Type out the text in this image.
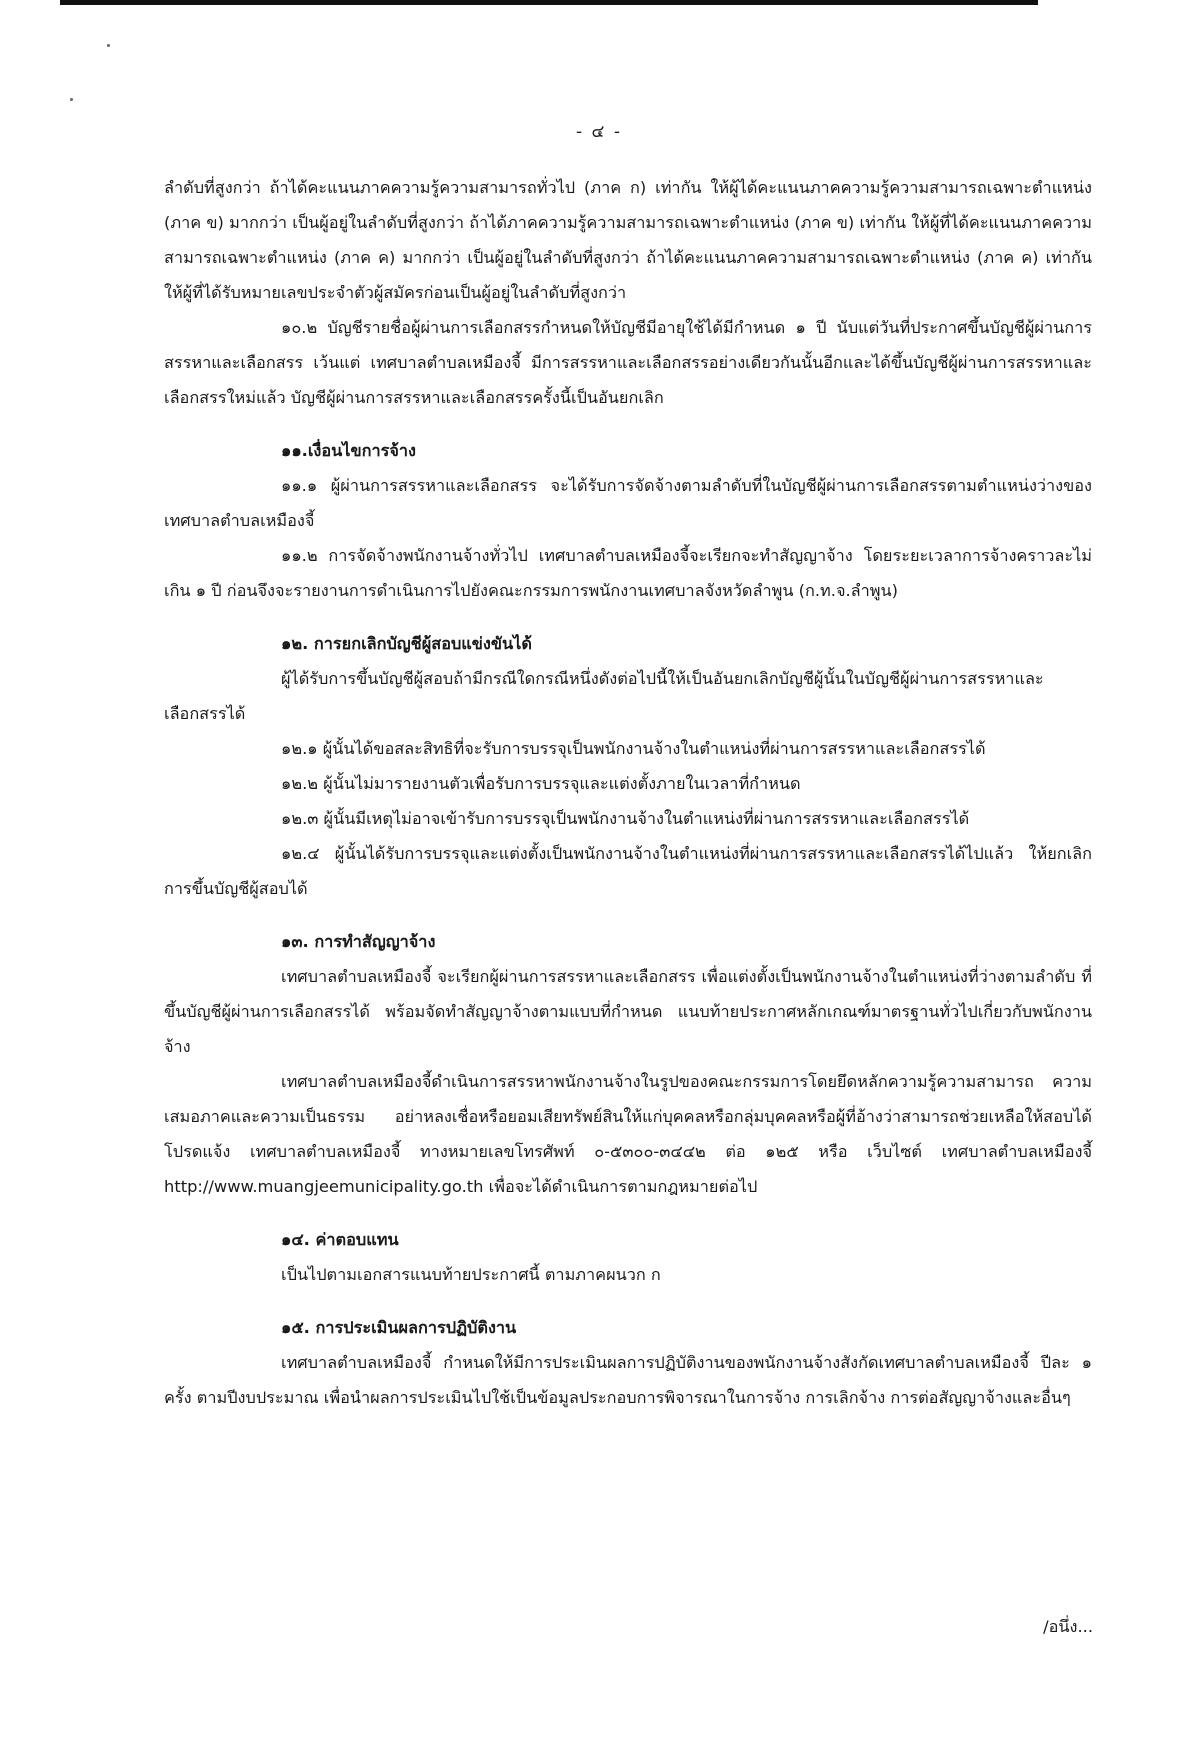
- ๔ -

ลำดับที่สูงกว่า ถ้าได้คะแนนภาคความรู้ความสามารถทั่วไป (ภาค ก) เท่ากัน ให้ผู้ได้คะแนนภาคความรู้ความสามารถเฉพาะตำแหน่ง (ภาค ข) มากกว่า เป็นผู้อยู่ในลำดับที่สูงกว่า ถ้าได้ภาคความรู้ความสามารถเฉพาะตำแหน่ง (ภาค ข) เท่ากัน ให้ผู้ที่ได้คะแนนภาคความสามารถเฉพาะตำแหน่ง (ภาค ค) มากกว่า เป็นผู้อยู่ในลำดับที่สูงกว่า ถ้าได้คะแนนภาคความสามารถเฉพาะตำแหน่ง (ภาค ค) เท่ากัน ให้ผู้ที่ได้รับหมายเลขประจำตัวผู้สมัครก่อนเป็นผู้อยู่ในลำดับที่สูงกว่า

๑๐.๒ บัญชีรายชื่อผู้ผ่านการเลือกสรรกำหนดให้บัญชีมีอายุใช้ได้มีกำหนด ๑ ปี นับแต่วันที่ประกาศขึ้นบัญชีผู้ผ่านการสรรหาและเลือกสรร เว้นแต่ เทศบาลตำบลเหมืองจี้ มีการสรรหาและเลือกสรรอย่างเดียวกันนั้นอีกและได้ขึ้นบัญชีผู้ผ่านการสรรหาและเลือกสรรใหม่แล้ว บัญชีผู้ผ่านการสรรหาและเลือกสรรครั้งนี้เป็นอันยกเลิก

๑๑.เงื่อนไขการจ้าง

๑๑.๑ ผู้ผ่านการสรรหาและเลือกสรร จะได้รับการจัดจ้างตามลำดับที่ในบัญชีผู้ผ่านการเลือกสรรตามตำแหน่งว่างของเทศบาลตำบลเหมืองจี้

๑๑.๒ การจัดจ้างพนักงานจ้างทั่วไป เทศบาลตำบลเหมืองจี้จะเรียกจะทำสัญญาจ้าง โดยระยะเวลาการจ้างคราวละไม่เกิน ๑ ปี ก่อนจึงจะรายงานการดำเนินการไปยังคณะกรรมการพนักงานเทศบาลจังหวัดลำพูน (ก.ท.จ.ลำพูน)

๑๒. การยกเลิกบัญชีผู้สอบแข่งขันได้

ผู้ได้รับการขึ้นบัญชีผู้สอบถ้ามีกรณีใดกรณีหนึ่งดังต่อไปนี้ให้เป็นอันยกเลิกบัญชีผู้นั้นในบัญชีผู้ผ่านการสรรหาและเลือกสรรได้

๑๒.๑ ผู้นั้นได้ขอสละสิทธิที่จะรับการบรรจุเป็นพนักงานจ้างในตำแหน่งที่ผ่านการสรรหาและเลือกสรรได้

๑๒.๒ ผู้นั้นไม่มารายงานตัวเพื่อรับการบรรจุและแต่งตั้งภายในเวลาที่กำหนด

๑๒.๓ ผู้นั้นมีเหตุไม่อาจเข้ารับการบรรจุเป็นพนักงานจ้างในตำแหน่งที่ผ่านการสรรหาและเลือกสรรได้

๑๒.๔ ผู้นั้นได้รับการบรรจุและแต่งตั้งเป็นพนักงานจ้างในตำแหน่งที่ผ่านการสรรหาและเลือกสรรได้ไปแล้ว ให้ยกเลิกการขึ้นบัญชีผู้สอบได้

๑๓. การทำสัญญาจ้าง

เทศบาลตำบลเหมืองจี้ จะเรียกผู้ผ่านการสรรหาและเลือกสรร เพื่อแต่งตั้งเป็นพนักงานจ้างในตำแหน่งที่ว่างตามลำดับ ที่ขึ้นบัญชีผู้ผ่านการเลือกสรรได้ พร้อมจัดทำสัญญาจ้างตามแบบที่กำหนด แนบท้ายประกาศหลักเกณฑ์มาตรฐานทั่วไปเกี่ยวกับพนักงานจ้าง

เทศบาลตำบลเหมืองจี้ดำเนินการสรรหาพนักงานจ้างในรูปของคณะกรรมการโดยยึดหลักความรู้ความสามารถ ความเสมอภาคและความเป็นธรรม อย่าหลงเชื่อหรือยอมเสียทรัพย์สินให้แก่บุคคลหรือกลุ่มบุคคลหรือผู้ที่อ้างว่าสามารถช่วยเหลือให้สอบได้ โปรดแจ้ง เทศบาลตำบลเหมืองจี้ ทางหมายเลขโทรศัพท์ ๐-๕๓๐๐-๓๔๔๒ ต่อ ๑๒๕ หรือ เว็บไซต์ เทศบาลตำบลเหมืองจี้ http://www.muangjeemunicipality.go.th เพื่อจะได้ดำเนินการตามกฎหมายต่อไป

๑๔. ค่าตอบแทน

เป็นไปตามเอกสารแนบท้ายประกาศนี้ ตามภาคผนวก ก

๑๕. การประเมินผลการปฏิบัติงาน

เทศบาลตำบลเหมืองจี้ กำหนดให้มีการประเมินผลการปฏิบัติงานของพนักงานจ้างสังกัดเทศบาลตำบลเหมืองจี้ ปีละ ๑ ครั้ง ตามปีงบประมาณ เพื่อนำผลการประเมินไปใช้เป็นข้อมูลประกอบการพิจารณาในการจ้าง การเลิกจ้าง การต่อสัญญาจ้างและอื่นๆ

/อนึ่ง...
